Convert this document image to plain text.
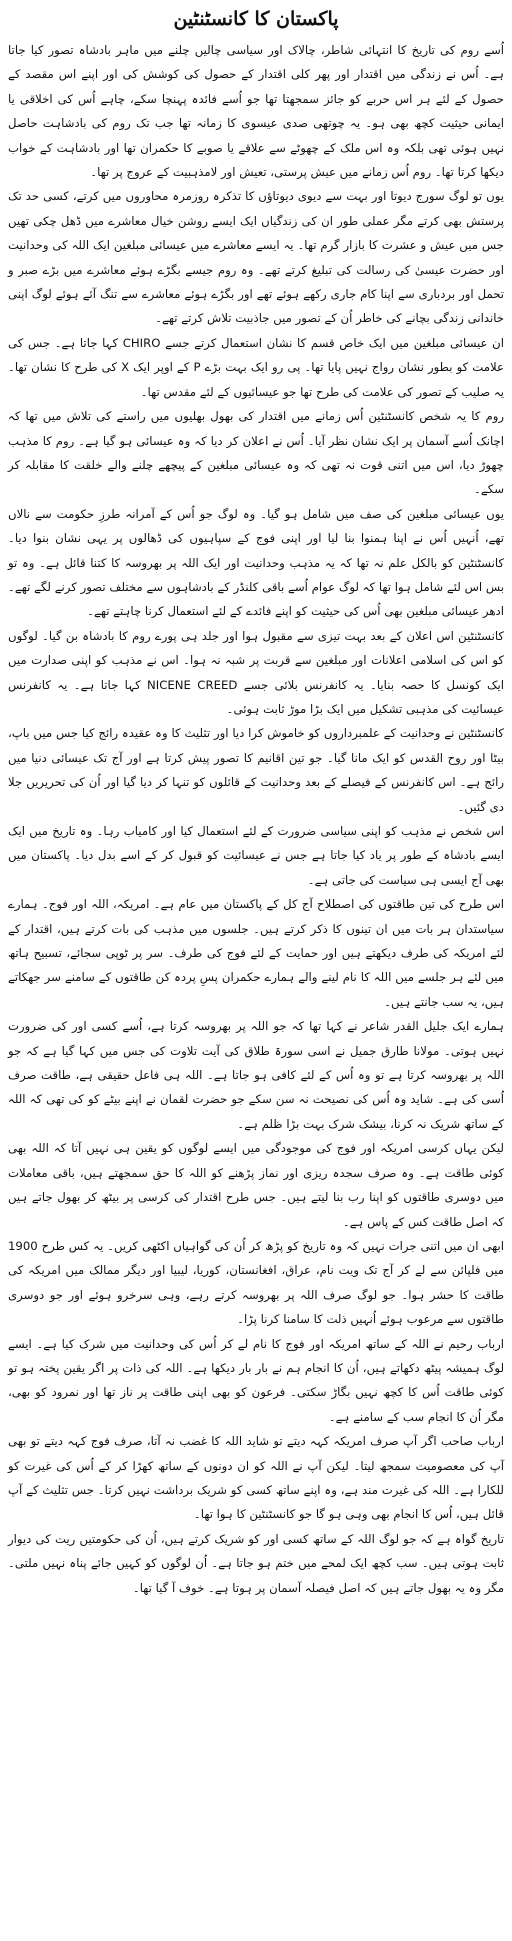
پاکستان کا کانسٹنٹین

اُسے روم کی تاریخ کا انتہائی شاطر، چالاک اور سیاسی چالیں چلنے میں ماہر بادشاہ تصور کیا جاتا ہے۔ اُس نے زندگی میں اقتدار اور پھر کلی اقتدار کے حصول کی کوشش کی اور اپنے اس مقصد کے حصول کے لئے ہر اس حربے کو جائز سمجھتا تھا جو اُسے فائدہ پہنچا سکے، چاہے اُس کی اخلاقی یا ایمانی حیثیت کچھ بھی ہو۔ یہ چوتھی صدی عیسوی کا زمانہ تھا جب تک روم کی بادشاہت حاصل نہیں ہوئی تھی بلکہ وہ اس ملک کے چھوٹے سے علاقے یا صوبے کا حکمران تھا اور بادشاہت کے خواب دیکھا کرتا تھا۔ روم اُس زمانے میں عیش پرستی، تعیش اور لامذہبیت کے عروج پر تھا۔

یوں تو لوگ سورج دیوتا اور بہت سے دیوی دیوتاؤں کا تذکرہ روزمرہ محاوروں میں کرتے، کسی حد تک پرستش بھی کرتے مگر عملی طور ان کی زندگیاں ایک ایسے روشن خیال معاشرے میں ڈھل چکی تھیں جس میں عیش و عشرت کا بازار گرم تھا۔ یہ ایسے معاشرے میں عیسائی مبلغین ایک اللہ کی وحدانیت اور حضرت عیسیٰ کی رسالت کی تبلیغ کرتے تھے۔ وہ روم جیسے بگڑے ہوئے معاشرے میں بڑے صبر و تحمل اور بردباری سے اپنا کام جاری رکھے ہوئے تھے اور بگڑے ہوئے معاشرے سے تنگ آئے ہوئے لوگ اپنی خاندانی زندگی بچانے کی خاطر اُن کے تصور میں جاذبیت تلاش کرتے تھے۔

ان عیسائی مبلغین میں ایک خاص قسم کا نشان استعمال کرتے جسے CHIRO کہا جاتا ہے۔ جس کی علامت کو بطور نشان رواج نہیں پایا تھا۔ پی رو ایک بہت بڑے P کے اوپر ایک X کی طرح کا نشان تھا۔ یہ صلیب کے تصور کی علامت کی طرح تھا جو عیسائیوں کے لئے مقدس تھا۔

روم کا یہ شخص کانسٹنٹین اُس زمانے میں اقتدار کی بھول بھلیوں میں راستے کی تلاش میں تھا کہ اچانک اُسے آسمان پر ایک نشان نظر آیا۔ اُس نے اعلان کر دیا کہ وہ عیسائی ہو گیا ہے۔ روم کا مذہب چھوڑ دیا، اس میں اتنی قوت نہ تھی کہ وہ عیسائی مبلغین کے پیچھے چلنے والے خلقت کا مقابلہ کر سکے۔

یوں عیسائی مبلغین کی صف میں شامل ہو گیا۔ وہ لوگ جو اُس کے آمرانہ طرزِ حکومت سے نالاں تھے، اُنہیں اُس نے اپنا ہمنوا بنا لیا اور اپنی فوج کے سپاہیوں کی ڈھالوں پر یہی نشان بنوا دیا۔ کانسٹنٹین کو بالکل علم نہ تھا کہ یہ مذہب وحدانیت اور ایک اللہ پر بھروسہ کا کتنا قائل ہے۔ وہ تو بس اس لئے شامل ہوا تھا کہ لوگ عوام اُسے باقی کلنڈر کے بادشاہوں سے مختلف تصور کرنے لگے تھے۔ ادھر عیسائی مبلغین بھی اُس کی حیثیت کو اپنے فائدے کے لئے استعمال کرنا چاہتے تھے۔

کانسٹنٹین اس اعلان کے بعد بہت تیزی سے مقبول ہوا اور جلد ہی پورے روم کا بادشاہ بن گیا۔ لوگوں کو اس کی اسلامی اعلانات اور مبلغین سے قربت پر شبہ نہ ہوا۔ اس نے مذہب کو اپنی صدارت میں ایک کونسل کا حصہ بنایا۔ یہ کانفرنس بلائی جسے NICENE CREED کہا جاتا ہے۔ یہ کانفرنس عیسائیت کی مذہبی تشکیل میں ایک بڑا موڑ ثابت ہوئی۔

کانسٹنٹین نے وحدانیت کے علمبرداروں کو خاموش کرا دیا اور تثلیث کا وہ عقیدہ رائج کیا جس میں باپ، بیٹا اور روح القدس کو ایک مانا گیا۔ جو تین اقانیم کا تصور پیش کرتا ہے اور آج تک عیسائی دنیا میں رائج ہے۔ اس کانفرنس کے فیصلے کے بعد وحدانیت کے قائلوں کو تنہا کر دیا گیا اور اُن کی تحریریں جلا دی گئیں۔

اس شخص نے مذہب کو اپنی سیاسی ضرورت کے لئے استعمال کیا اور کامیاب رہا۔ وہ تاریخ میں ایک ایسے بادشاہ کے طور پر یاد کیا جاتا ہے جس نے عیسائیت کو قبول کر کے اسے بدل دیا۔ پاکستان میں بھی آج ایسی ہی سیاست کی جاتی ہے۔

اس طرح کی تین طاقتوں کی اصطلاح آج کل کے پاکستان میں عام ہے۔ امریکہ، اللہ اور فوج۔ ہمارے سیاستدان ہر بات میں ان تینوں کا ذکر کرتے ہیں۔ جلسوں میں مذہب کی بات کرتے ہیں، اقتدار کے لئے امریکہ کی طرف دیکھتے ہیں اور حمایت کے لئے فوج کی طرف۔ سر پر ٹوپی سجائے، تسبیح ہاتھ میں لئے ہر جلسے میں اللہ کا نام لینے والے ہمارے حکمران پسِ پردہ کن طاقتوں کے سامنے سر جھکاتے ہیں، یہ سب جانتے ہیں۔

ہمارے ایک جلیل القدر شاعر نے کہا تھا کہ جو اللہ پر بھروسہ کرتا ہے، اُسے کسی اور کی ضرورت نہیں ہوتی۔ مولانا طارق جمیل نے اسی سورۃ طلاق کی آیت تلاوت کی جس میں کہا گیا ہے کہ جو اللہ پر بھروسہ کرتا ہے تو وہ اُس کے لئے کافی ہو جاتا ہے۔ اللہ ہی فاعل حقیقی ہے، طاقت صرف اُسی کی ہے۔ شاید وہ اُس کی نصیحت نہ سن سکے جو حضرت لقمان نے اپنے بیٹے کو کی تھی کہ اللہ کے ساتھ شریک نہ کرنا، بیشک شرک بہت بڑا ظلم ہے۔

لیکن یہاں کرسی امریکہ اور فوج کی موجودگی میں ایسے لوگوں کو یقین ہی نہیں آتا کہ اللہ بھی کوئی طاقت ہے۔ وہ صرف سجدہ ریزی اور نماز پڑھنے کو اللہ کا حق سمجھتے ہیں، باقی معاملات میں دوسری طاقتوں کو اپنا رب بنا لیتے ہیں۔ جس طرح اقتدار کی کرسی پر بیٹھ کر بھول جاتے ہیں کہ اصل طاقت کس کے پاس ہے۔

ابھی ان میں اتنی جرات نہیں کہ وہ تاریخ کو پڑھ کر اُن کی گواہیاں اکٹھی کریں۔ یہ کس طرح 1900 میں فلپائن سے لے کر آج تک ویت نام، عراق، افغانستان، کوریا، لیبیا اور دیگر ممالک میں امریکہ کی طاقت کا حشر ہوا۔ جو لوگ صرف اللہ پر بھروسہ کرتے رہے، وہی سرخرو ہوئے اور جو دوسری طاقتوں سے مرعوب ہوئے اُنہیں ذلت کا سامنا کرنا پڑا۔

ارباب رحیم نے اللہ کے ساتھ امریکہ اور فوج کا نام لے کر اُس کی وحدانیت میں شرک کیا ہے۔ ایسے لوگ ہمیشہ پیٹھ دکھاتے ہیں، اُن کا انجام ہم نے بار بار دیکھا ہے۔ اللہ کی ذات پر اگر یقین پختہ ہو تو کوئی طاقت اُس کا کچھ نہیں بگاڑ سکتی۔ فرعون کو بھی اپنی طاقت پر ناز تھا اور نمرود کو بھی، مگر اُن کا انجام سب کے سامنے ہے۔

ارباب صاحب اگر آپ صرف امریکہ کہہ دیتے تو شاید اللہ کا غضب نہ آتا، صرف فوج کہہ دیتے تو بھی آپ کی معصومیت سمجھ لیتا۔ لیکن آپ نے اللہ کو ان دونوں کے ساتھ کھڑا کر کے اُس کی غیرت کو للکارا ہے۔ اللہ کی غیرت مند ہے، وہ اپنے ساتھ کسی کو شریک برداشت نہیں کرتا۔ جس تثلیث کے آپ قائل ہیں، اُس کا انجام بھی وہی ہو گا جو کانسٹنٹین کا ہوا تھا۔

تاریخ گواہ ہے کہ جو لوگ اللہ کے ساتھ کسی اور کو شریک کرتے ہیں، اُن کی حکومتیں ریت کی دیوار ثابت ہوتی ہیں۔ سب کچھ ایک لمحے میں ختم ہو جاتا ہے۔ اُن لوگوں کو کہیں جائے پناہ نہیں ملتی۔ مگر وہ یہ بھول جاتے ہیں کہ اصل فیصلہ آسمان پر ہوتا ہے۔ خوف آ گیا تھا۔
